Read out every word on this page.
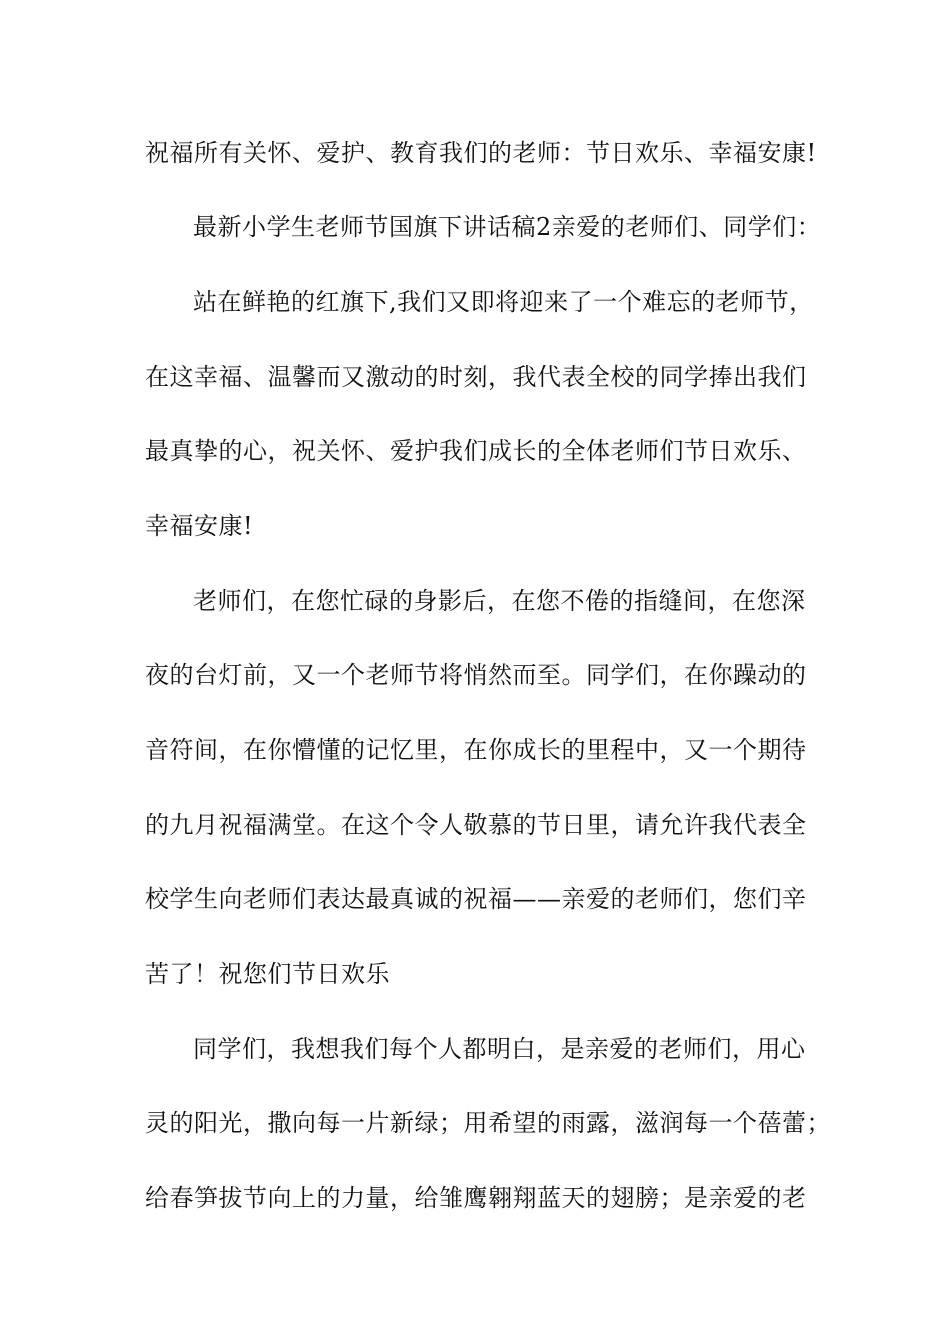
祝福所有关怀、爱护、教育我们的老师：节日欢乐、幸福安康!
最新小学生老师节国旗下讲话稿2亲爱的老师们、同学们：
站在鲜艳的红旗下,我们又即将迎来了一个难忘的老师节，
在这幸福、温馨而又激动的时刻，我代表全校的同学捧出我们
最真挚的心，祝关怀、爱护我们成长的全体老师们节日欢乐、
幸福安康!
老师们，在您忙碌的身影后，在您不倦的指缝间，在您深
夜的台灯前，又一个老师节将悄然而至。同学们，在你躁动的
音符间，在你懵懂的记忆里，在你成长的里程中，又一个期待
的九月祝福满堂。在这个令人敬慕的节日里，请允许我代表全
校学生向老师们表达最真诚的祝福——亲爱的老师们，您们辛
苦了！祝您们节日欢乐
同学们，我想我们每个人都明白，是亲爱的老师们，用心
灵的阳光，撒向每一片新绿；用希望的雨露，滋润每一个蓓蕾；
给春笋拔节向上的力量，给雏鹰翱翔蓝天的翅膀；是亲爱的老
